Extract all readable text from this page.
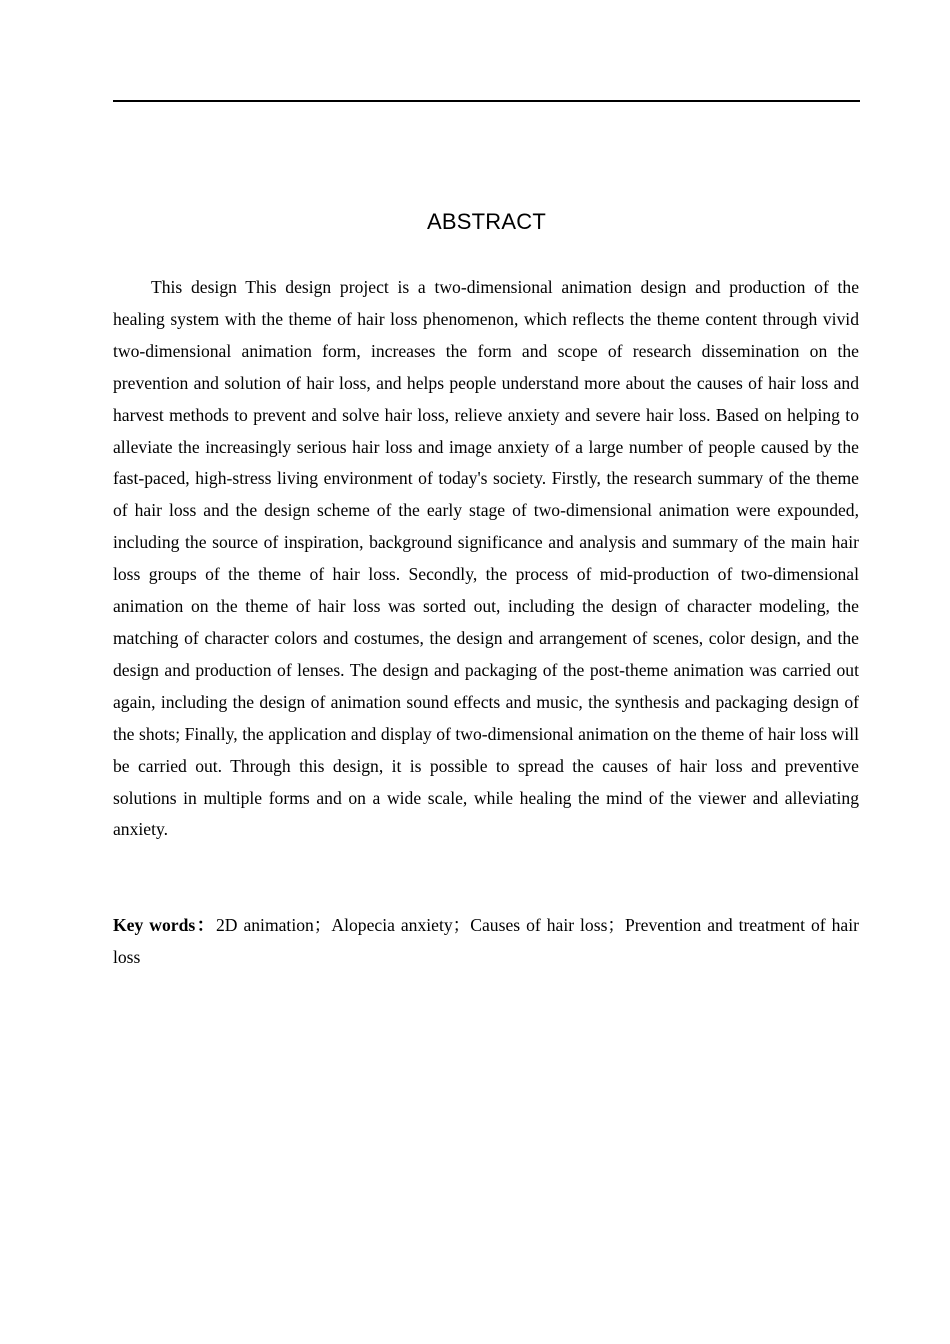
ABSTRACT

This design This design project is a two-dimensional animation design and production of the healing system with the theme of hair loss phenomenon, which reflects the theme content through vivid two-dimensional animation form, increases the form and scope of research dissemination on the prevention and solution of hair loss, and helps people understand more about the causes of hair loss and harvest methods to prevent and solve hair loss, relieve anxiety and severe hair loss. Based on helping to alleviate the increasingly serious hair loss and image anxiety of a large number of people caused by the fast-paced, high-stress living environment of today's society. Firstly, the research summary of the theme of hair loss and the design scheme of the early stage of two-dimensional animation were expounded, including the source of inspiration, background significance and analysis and summary of the main hair loss groups of the theme of hair loss. Secondly, the process of mid-production of two-dimensional animation on the theme of hair loss was sorted out, including the design of character modeling, the matching of character colors and costumes, the design and arrangement of scenes, color design, and the design and production of lenses. The design and packaging of the post-theme animation was carried out again, including the design of animation sound effects and music, the synthesis and packaging design of the shots; Finally, the application and display of two-dimensional animation on the theme of hair loss will be carried out. Through this design, it is possible to spread the causes of hair loss and preventive solutions in multiple forms and on a wide scale, while healing the mind of the viewer and alleviating anxiety.

Key words：2D animation；Alopecia anxiety；Causes of hair loss；Prevention and treatment of hair loss
